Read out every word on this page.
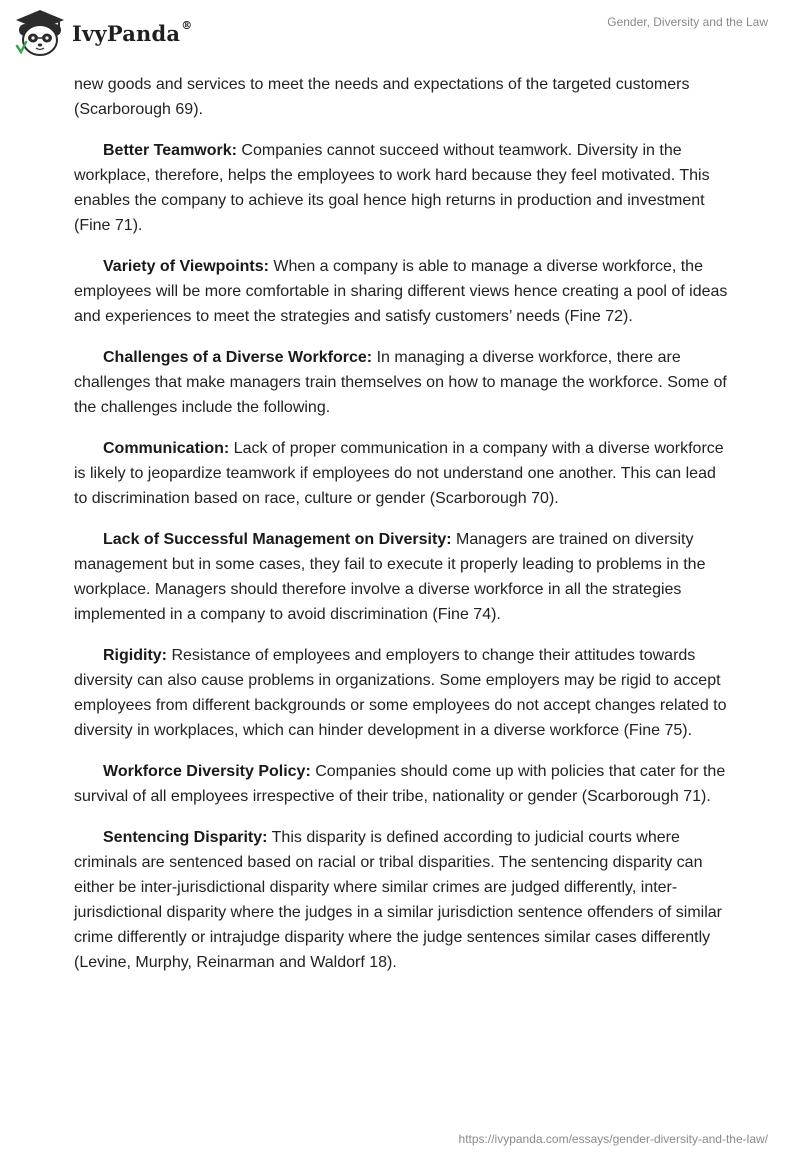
IvyPanda®	Gender, Diversity and the Law

new goods and services to meet the needs and expectations of the targeted customers (Scarborough 69).

Better Teamwork: Companies cannot succeed without teamwork. Diversity in the workplace, therefore, helps the employees to work hard because they feel motivated. This enables the company to achieve its goal hence high returns in production and investment (Fine 71).

Variety of Viewpoints: When a company is able to manage a diverse workforce, the employees will be more comfortable in sharing different views hence creating a pool of ideas and experiences to meet the strategies and satisfy customers’ needs (Fine 72).

Challenges of a Diverse Workforce: In managing a diverse workforce, there are challenges that make managers train themselves on how to manage the workforce. Some of the challenges include the following.

Communication: Lack of proper communication in a company with a diverse workforce is likely to jeopardize teamwork if employees do not understand one another. This can lead to discrimination based on race, culture or gender (Scarborough 70).

Lack of Successful Management on Diversity: Managers are trained on diversity management but in some cases, they fail to execute it properly leading to problems in the workplace. Managers should therefore involve a diverse workforce in all the strategies implemented in a company to avoid discrimination (Fine 74).

Rigidity: Resistance of employees and employers to change their attitudes towards diversity can also cause problems in organizations. Some employers may be rigid to accept employees from different backgrounds or some employees do not accept changes related to diversity in workplaces, which can hinder development in a diverse workforce (Fine 75).

Workforce Diversity Policy: Companies should come up with policies that cater for the survival of all employees irrespective of their tribe, nationality or gender (Scarborough 71).

Sentencing Disparity: This disparity is defined according to judicial courts where criminals are sentenced based on racial or tribal disparities. The sentencing disparity can either be inter-jurisdictional disparity where similar crimes are judged differently, inter-jurisdictional disparity where the judges in a similar jurisdiction sentence offenders of similar crime differently or intrajudge disparity where the judge sentences similar cases differently (Levine, Murphy, Reinarman and Waldorf 18).

https://ivypanda.com/essays/gender-diversity-and-the-law/
